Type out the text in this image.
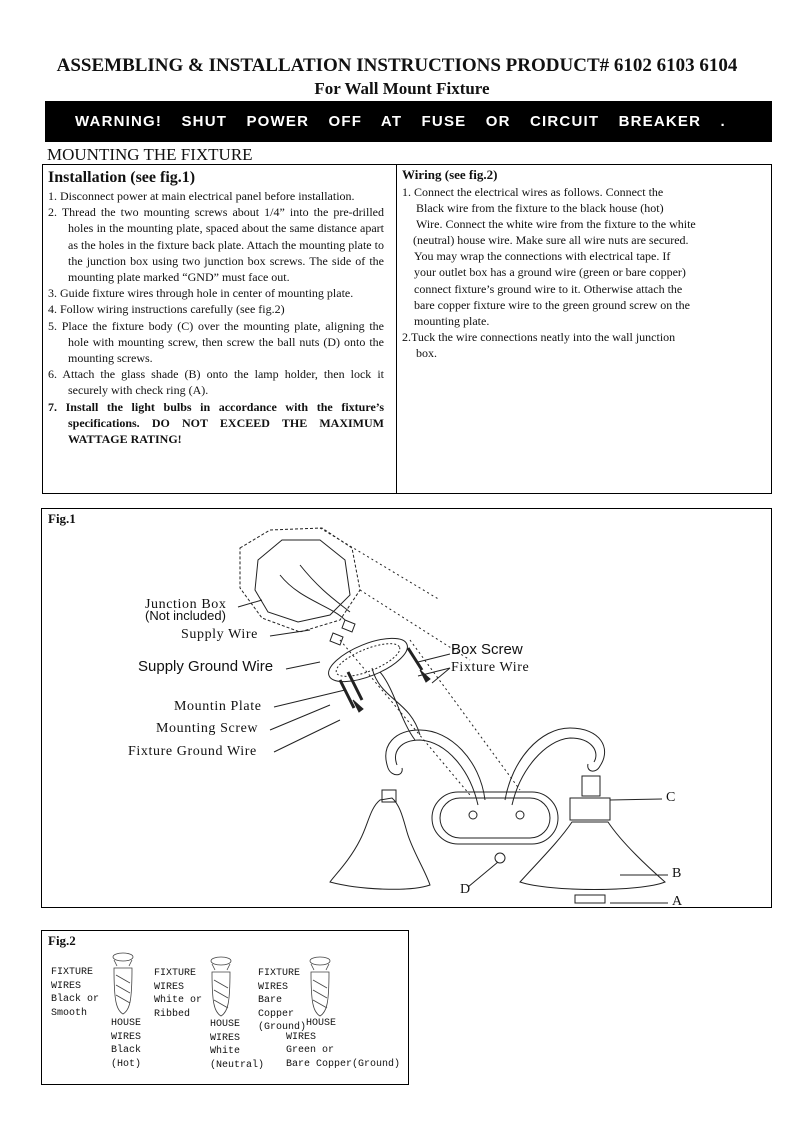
ASSEMBLING & INSTALLATION INSTRUCTIONS PRODUCT# 6102 6103 6104
For Wall Mount Fixture
WARNING! SHUT POWER OFF AT FUSE OR CIRCUIT BREAKER .
MOUNTING THE FIXTURE
Installation (see fig.1)
1. Disconnect power at main electrical panel before installation.
2. Thread the two mounting screws about 1/4” into the pre-drilled holes in the mounting plate, spaced about the same distance apart as the holes in the fixture back plate. Attach the mounting plate to the junction box using two junction box screws. The side of the mounting plate marked “GND” must face out.
3. Guide fixture wires through hole in center of mounting plate.
4. Follow wiring instructions carefully (see fig.2)
5. Place the fixture body (C) over the mounting plate, aligning the hole with mounting screw, then screw the ball nuts (D) onto the mounting screws.
6. Attach the glass shade (B) onto the lamp holder, then lock it securely with check ring (A).
7. Install the light bulbs in accordance with the fixture’s specifications. DO NOT EXCEED THE MAXIMUM WATTAGE RATING!
Wiring (see fig.2)
1. Connect the electrical wires as follows. Connect the
Black wire from the fixture to the black house (hot)
Wire. Connect the white wire from the fixture to the white
(neutral) house wire. Make sure all wire nuts are secured.
You may wrap the connections with electrical tape. If
your outlet box has a ground wire (green or bare copper)
connect fixture’s ground wire to it. Otherwise attach the
bare copper fixture wire to the green ground screw on the
mounting plate.
2.Tuck the wire connections neatly into the wall junction
box.
Fig.1
Junction Box
(Not included)
Supply Wire
Supply Ground Wire
Mountin Plate
Mounting Screw
Fixture Ground Wire
Box Screw
Fixture Wire
C
B
A
D
Fig.2
FIXTURE
WIRES
Black or
Smooth
HOUSE
WIRES
Black
(Hot)
FIXTURE
WIRES
White or
Ribbed
HOUSE
WIRES
White
(Neutral)
FIXTURE
WIRES
Bare
Copper
(Ground) HOUSE
WIRES
Green or
Bare Copper(Ground)
